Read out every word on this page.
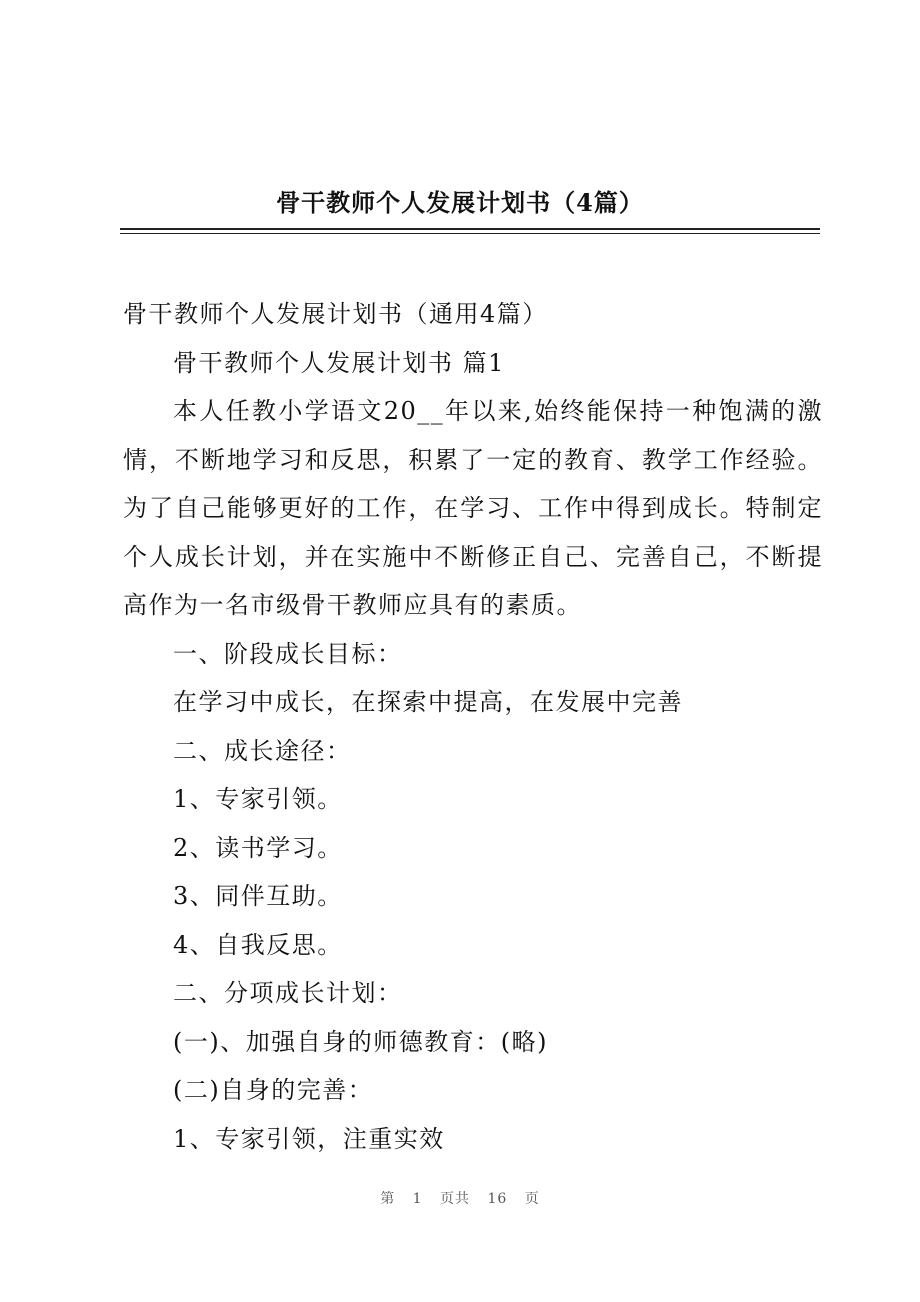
骨干教师个人发展计划书（4篇）

骨干教师个人发展计划书（通用4篇）

骨干教师个人发展计划书 篇1

本人任教小学语文20__年以来,始终能保持一种饱满的激情，不断地学习和反思，积累了一定的教育、教学工作经验。为了自己能够更好的工作，在学习、工作中得到成长。特制定个人成长计划，并在实施中不断修正自己、完善自己，不断提高作为一名市级骨干教师应具有的素质。

一、阶段成长目标：

在学习中成长，在探索中提高，在发展中完善

二、成长途径：

1、专家引领。

2、读书学习。

3、同伴互助。

4、自我反思。

二、分项成长计划：

(一)、加强自身的师德教育：(略)

(二)自身的完善：

1、专家引领，注重实效

第 1 页共 16 页
